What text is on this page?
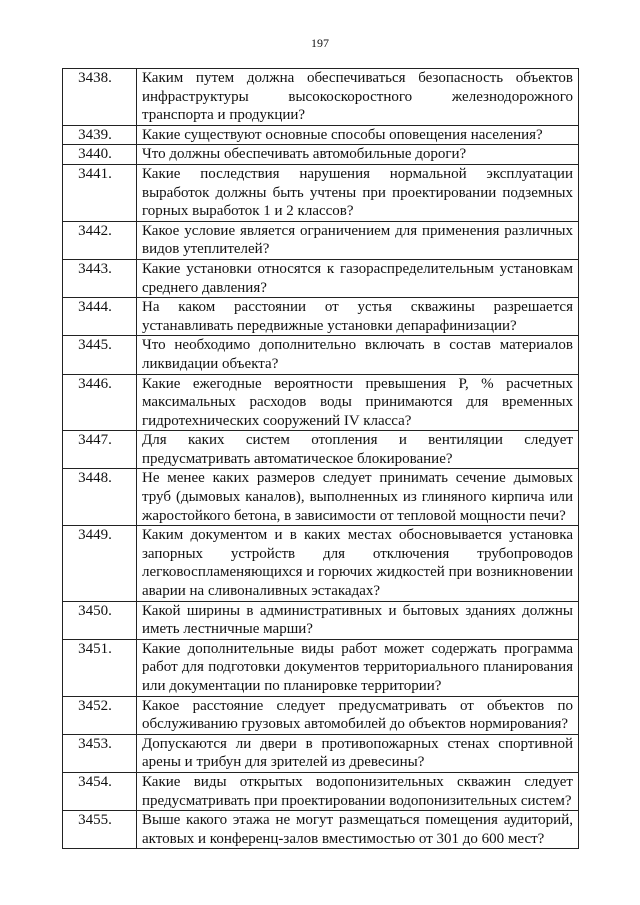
197
3438.	Каким путем должна обеспечиваться безопасность объектов инфраструктуры высокоскоростного железнодорожного транспорта и продукции?
3439.	Какие существуют основные способы оповещения населения?
3440.	Что должны обеспечивать автомобильные дороги?
3441.	Какие последствия нарушения нормальной эксплуатации выработок должны быть учтены при проектировании подземных горных выработок 1 и 2 классов?
3442.	Какое условие является ограничением для применения различных видов утеплителей?
3443.	Какие установки относятся к газораспределительным установкам среднего давления?
3444.	На каком расстоянии от устья скважины разрешается устанавливать передвижные установки депарафинизации?
3445.	Что необходимо дополнительно включать в состав материалов ликвидации объекта?
3446.	Какие ежегодные вероятности превышения Р, % расчетных максимальных расходов воды принимаются для временных гидротехнических сооружений IV класса?
3447.	Для каких систем отопления и вентиляции следует предусматривать автоматическое блокирование?
3448.	Не менее каких размеров следует принимать сечение дымовых труб (дымовых каналов), выполненных из глиняного кирпича или жаростойкого бетона, в зависимости от тепловой мощности печи?
3449.	Каким документом и в каких местах обосновывается установка запорных устройств для отключения трубопроводов легковоспламеняющихся и горючих жидкостей при возникновении аварии на сливоналивных эстакадах?
3450.	Какой ширины в административных и бытовых зданиях должны иметь лестничные марши?
3451.	Какие дополнительные виды работ может содержать программа работ для подготовки документов территориального планирования или документации по планировке территории?
3452.	Какое расстояние следует предусматривать от объектов по обслуживанию грузовых автомобилей до объектов нормирования?
3453.	Допускаются ли двери в противопожарных стенах спортивной арены и трибун для зрителей из древесины?
3454.	Какие виды открытых водопонизительных скважин следует предусматривать при проектировании водопонизительных систем?
3455.	Выше какого этажа не могут размещаться помещения аудиторий, актовых и конференц-залов вместимостью от 301 до 600 мест?
